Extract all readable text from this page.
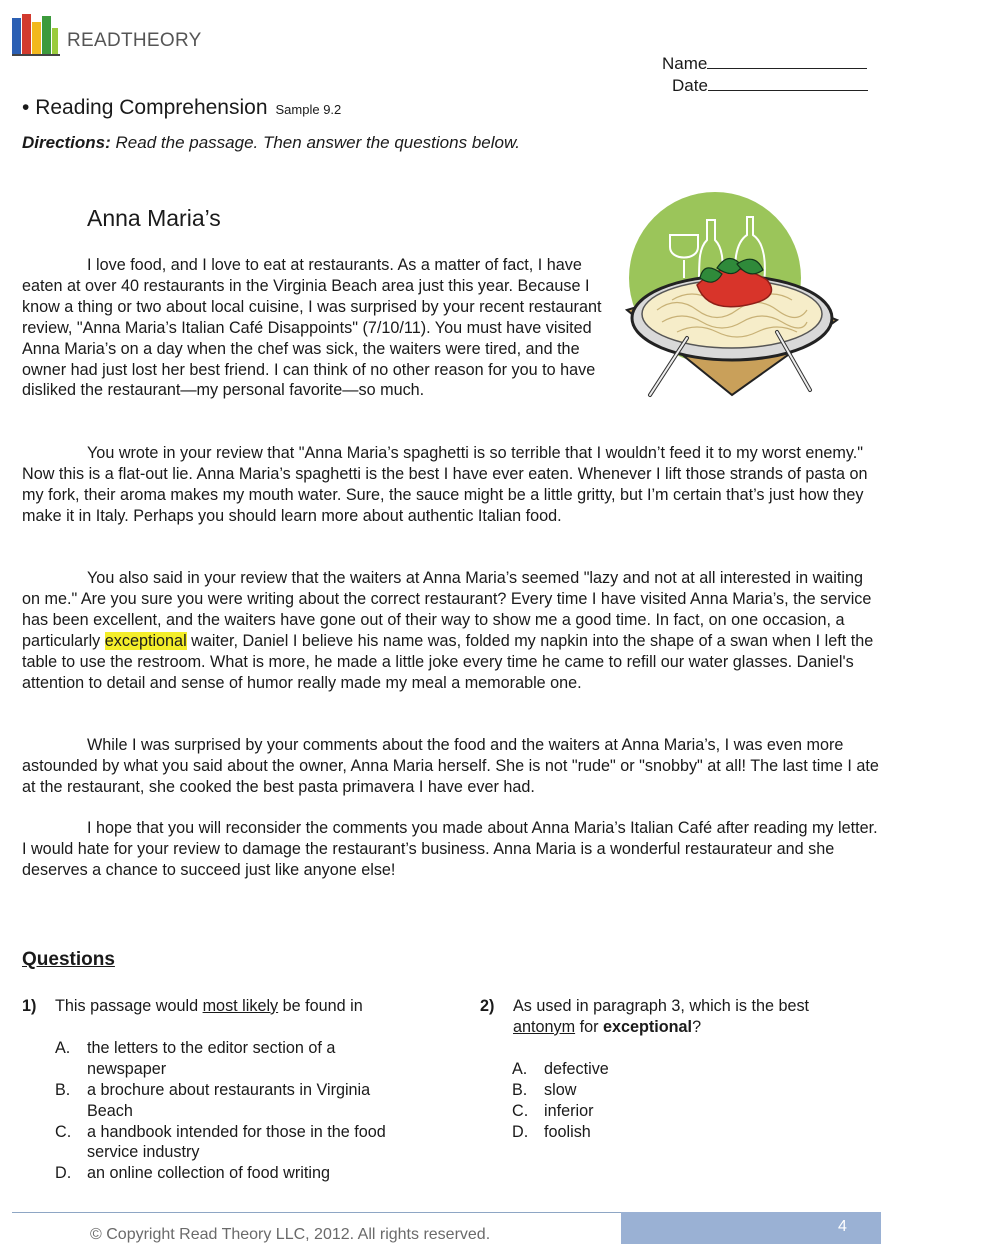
READTHEORY
Name
Date
• Reading Comprehension Sample 9.2
Directions: Read the passage. Then answer the questions below.
Anna Maria’s

I love food, and I love to eat at restaurants. As a matter of fact, I have eaten at over 40 restaurants in the Virginia Beach area just this year. Because I know a thing or two about local cuisine, I was surprised by your recent restaurant review, "Anna Maria’s Italian Café Disappoints" (7/10/11). You must have visited Anna Maria’s on a day when the chef was sick, the waiters were tired, and the owner had just lost her best friend. I can think of no other reason for you to have disliked the restaurant—my personal favorite—so much.

You wrote in your review that "Anna Maria’s spaghetti is so terrible that I wouldn’t feed it to my worst enemy." Now this is a flat-out lie. Anna Maria’s spaghetti is the best I have ever eaten. Whenever I lift those strands of pasta on my fork, their aroma makes my mouth water. Sure, the sauce might be a little gritty, but I’m certain that’s just how they make it in Italy. Perhaps you should learn more about authentic Italian food.

You also said in your review that the waiters at Anna Maria’s seemed "lazy and not at all interested in waiting on me." Are you sure you were writing about the correct restaurant? Every time I have visited Anna Maria’s, the service has been excellent, and the waiters have gone out of their way to show me a good time. In fact, on one occasion, a particularly exceptional waiter, Daniel I believe his name was, folded my napkin into the shape of a swan when I left the table to use the restroom. What is more, he made a little joke every time he came to refill our water glasses. Daniel's attention to detail and sense of humor really made my meal a memorable one.

While I was surprised by your comments about the food and the waiters at Anna Maria’s, I was even more astounded by what you said about the owner, Anna Maria herself. She is not "rude" or "snobby" at all! The last time I ate at the restaurant, she cooked the best pasta primavera I have ever had.

I hope that you will reconsider the comments you made about Anna Maria’s Italian Café after reading my letter. I would hate for your review to damage the restaurant’s business. Anna Maria is a wonderful restaurateur and she deserves a chance to succeed just like anyone else!

Questions
1) This passage would most likely be found in
A.	the letters to the editor section of a newspaper
B.	a brochure about restaurants in Virginia Beach
C. a handbook intended for those in the food service industry
D. an online collection of food writing
2) As used in paragraph 3, which is the best antonym for exceptional?
A.	defective
B.	slow
C. inferior
D. foolish
© Copyright Read Theory LLC, 2012. All rights reserved.	4
